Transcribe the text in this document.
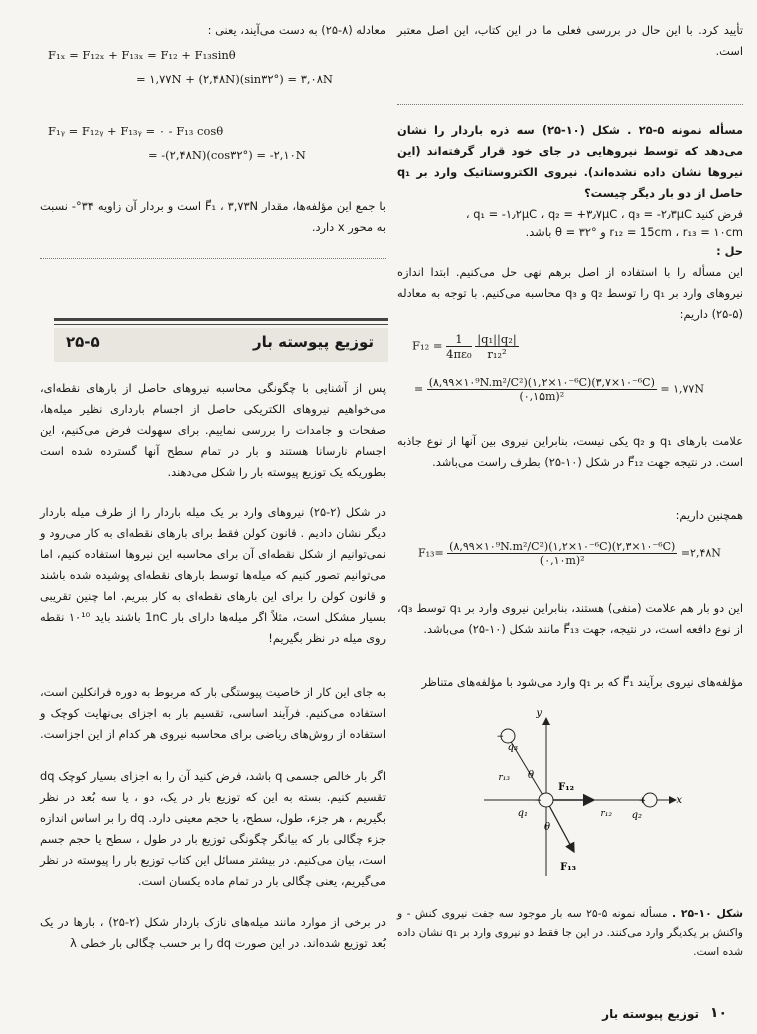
تأیید کرد. با این حال در بررسی فعلی ما در این کتاب، این اصل معتبر است.

مسأله نمونه ۵-۲۵ . شکل (۱۰-۲۵) سه ذره باردار را نشان می‌دهد که توسط نیروهایی در جای خود قرار گرفته‌اند (این نیروها نشان داده نشده‌اند). نیروی الکتروستاتیک وارد بر q₁ حاصل از دو بار دیگر چیست؟

فرض کنید q₁ = -۱٫۲μC ، q₂ = +۳٫۷μC ، q₃ = -۲٫۳μC ،

r₁₂ = 15cm ، r₁₃ = ۱۰cm و θ = ۳۲° باشد.

حل :

این مسأله را با استفاده از اصل برهم نهی حل می‌کنیم. ابتدا اندازه نیروهای وارد بر q₁ را توسط q₂ و q₃ محاسبه می‌کنیم. با توجه به معادله (۵-۲۵) داریم:

$F_{12} = \frac{1}{\text{4πε₀}}$
$\frac{\text{|q₁||q₂|}}{\text{r₁₂²}}$
= $\frac{\text{(۸,۹۹×۱۰⁹N.m²/C²)(۱,۲×۱۰⁻⁶C)(۳,۷×۱۰⁻⁶C)}}{\text{(۰,۱۵m)²}}$ = ۱,۷۷N

علامت بارهای q₁ و q₂ یکی نیست، بنابراین نیروی بین آنها از نوع جاذبه است. در نتیجه جهت F⃗₁₂ در شکل (۱۰-۲۵) بطرف راست می‌باشد.

همچنین داریم:

$F_{13}= \frac{\text{(۸,۹۹×۱۰⁹N.m²/C²)(۱,۲×۱۰⁻⁶C)(۲,۳×۱۰⁻⁶C)}}{\text{(۰,۱۰m)²}}$ =۲,۴۸N

این دو بار هم علامت (منفی) هستند، بنابراین نیروی وارد بر q₁ توسط q₃، از نوع دافعه است، در نتیجه، جهت F⃗₁₃ مانند شکل (۱۰-۲۵) می‌باشد.

مؤلفه‌های نیروی برآیند F⃗₁ که بر q₁ وارد می‌شود با مؤلفه‌های متناظر

x
y
−
−	+
q₃
q₁	q₂
r₁₃
r₁₂
θ
θ
F₁₂
F₁₃

شکل ۱۰-۲۵ . مسأله نمونه ۵-۲۵ سه بار موجود سه جفت نیروی کنش - و واکنش بر یکدیگر وارد می‌کنند. در این جا فقط دو نیروی وارد بر q₁ نشان داده شده است.

معادله (۸-۲۵) به دست می‌آیند، یعنی :

F₁ₓ = F₁₂ₓ + F₁₃ₓ = F₁₂ + F₁₃sinθ
= ۱,۷۷N + (۲,۴۸N)(sin۳۲°) = ۳,۰۸N
F₁ᵧ = F₁₂ᵧ + F₁₃ᵧ = ۰ - F₁₃ cosθ
= -(۲,۴۸N)(cos۳۲°) = -۲,۱۰N

با جمع این مؤلفه‌ها، مقدار F⃗₁ ، ۳,۷۳N است و بردار آن زاویه ۳۴°- نسبت به محور x دارد.

توزیع پیوسته بار
۲۵-۵

پس از آشنایی با چگونگی محاسبه نیروهای حاصل از بارهای نقطه‌ای، می‌خواهیم نیروهای الکتریکی حاصل از اجسام بارداری نظیر میله‌ها، صفحات و جامدات را بررسی نماییم. برای سهولت فرض می‌کنیم، این اجسام نارسانا هستند و بار در تمام سطح آنها گسترده شده است بطوریکه یک توزیع پیوسته بار را شکل می‌دهند.

در شکل (۲-۲۵) نیروهای وارد بر یک میله باردار را از طرف میله باردار دیگر نشان دادیم . قانون کولن فقط برای بارهای نقطه‌ای به کار می‌رود و نمی‌توانیم از شکل نقطه‌ای آن برای محاسبه این نیروها استفاده کنیم، اما می‌توانیم تصور کنیم که میله‌ها توسط بارهای نقطه‌ای پوشیده شده باشند و قانون کولن را برای این بارهای نقطه‌ای به کار ببریم. اما چنین تقریبی بسیار مشکل است، مثلاً اگر میله‌ها دارای بار 1nC باشند باید ۱۰¹⁰ نقطه روی میله در نظر بگیریم!

به جای این کار از خاصیت پیوستگی بار که مربوط به دوره فرانکلین است، استفاده می‌کنیم. فرآیند اساسی، تقسیم بار به اجزای بی‌نهایت کوچک و استفاده از روش‌های ریاضی برای محاسبه نیروی هر کدام از این اجزاست.

اگر بار خالص جسمی q باشد، فرض کنید آن را به اجزای بسیار کوچک dq تقسیم کنیم. بسته به این که توزیع بار در یک، دو ، یا سه بُعد در نظر بگیریم ، هر جزء، طول، سطح، یا حجم معینی دارد. dq را بر اساس اندازه جزء چگالی بار که بیانگر چگونگی توزیع بار در طول ، سطح یا حجم جسم است، بیان می‌کنیم. در بیشتر مسائل این کتاب توزیع بار را پیوسته در نظر می‌گیریم، یعنی چگالی بار در تمام ماده یکسان است.

در برخی از موارد مانند میله‌های نازک باردار شکل (۲-۲۵) ، بارها در یک بُعد توزیع شده‌اند. در این صورت dq را بر حسب چگالی بار خطی λ

توزیع پیوسته بار ۱۰
